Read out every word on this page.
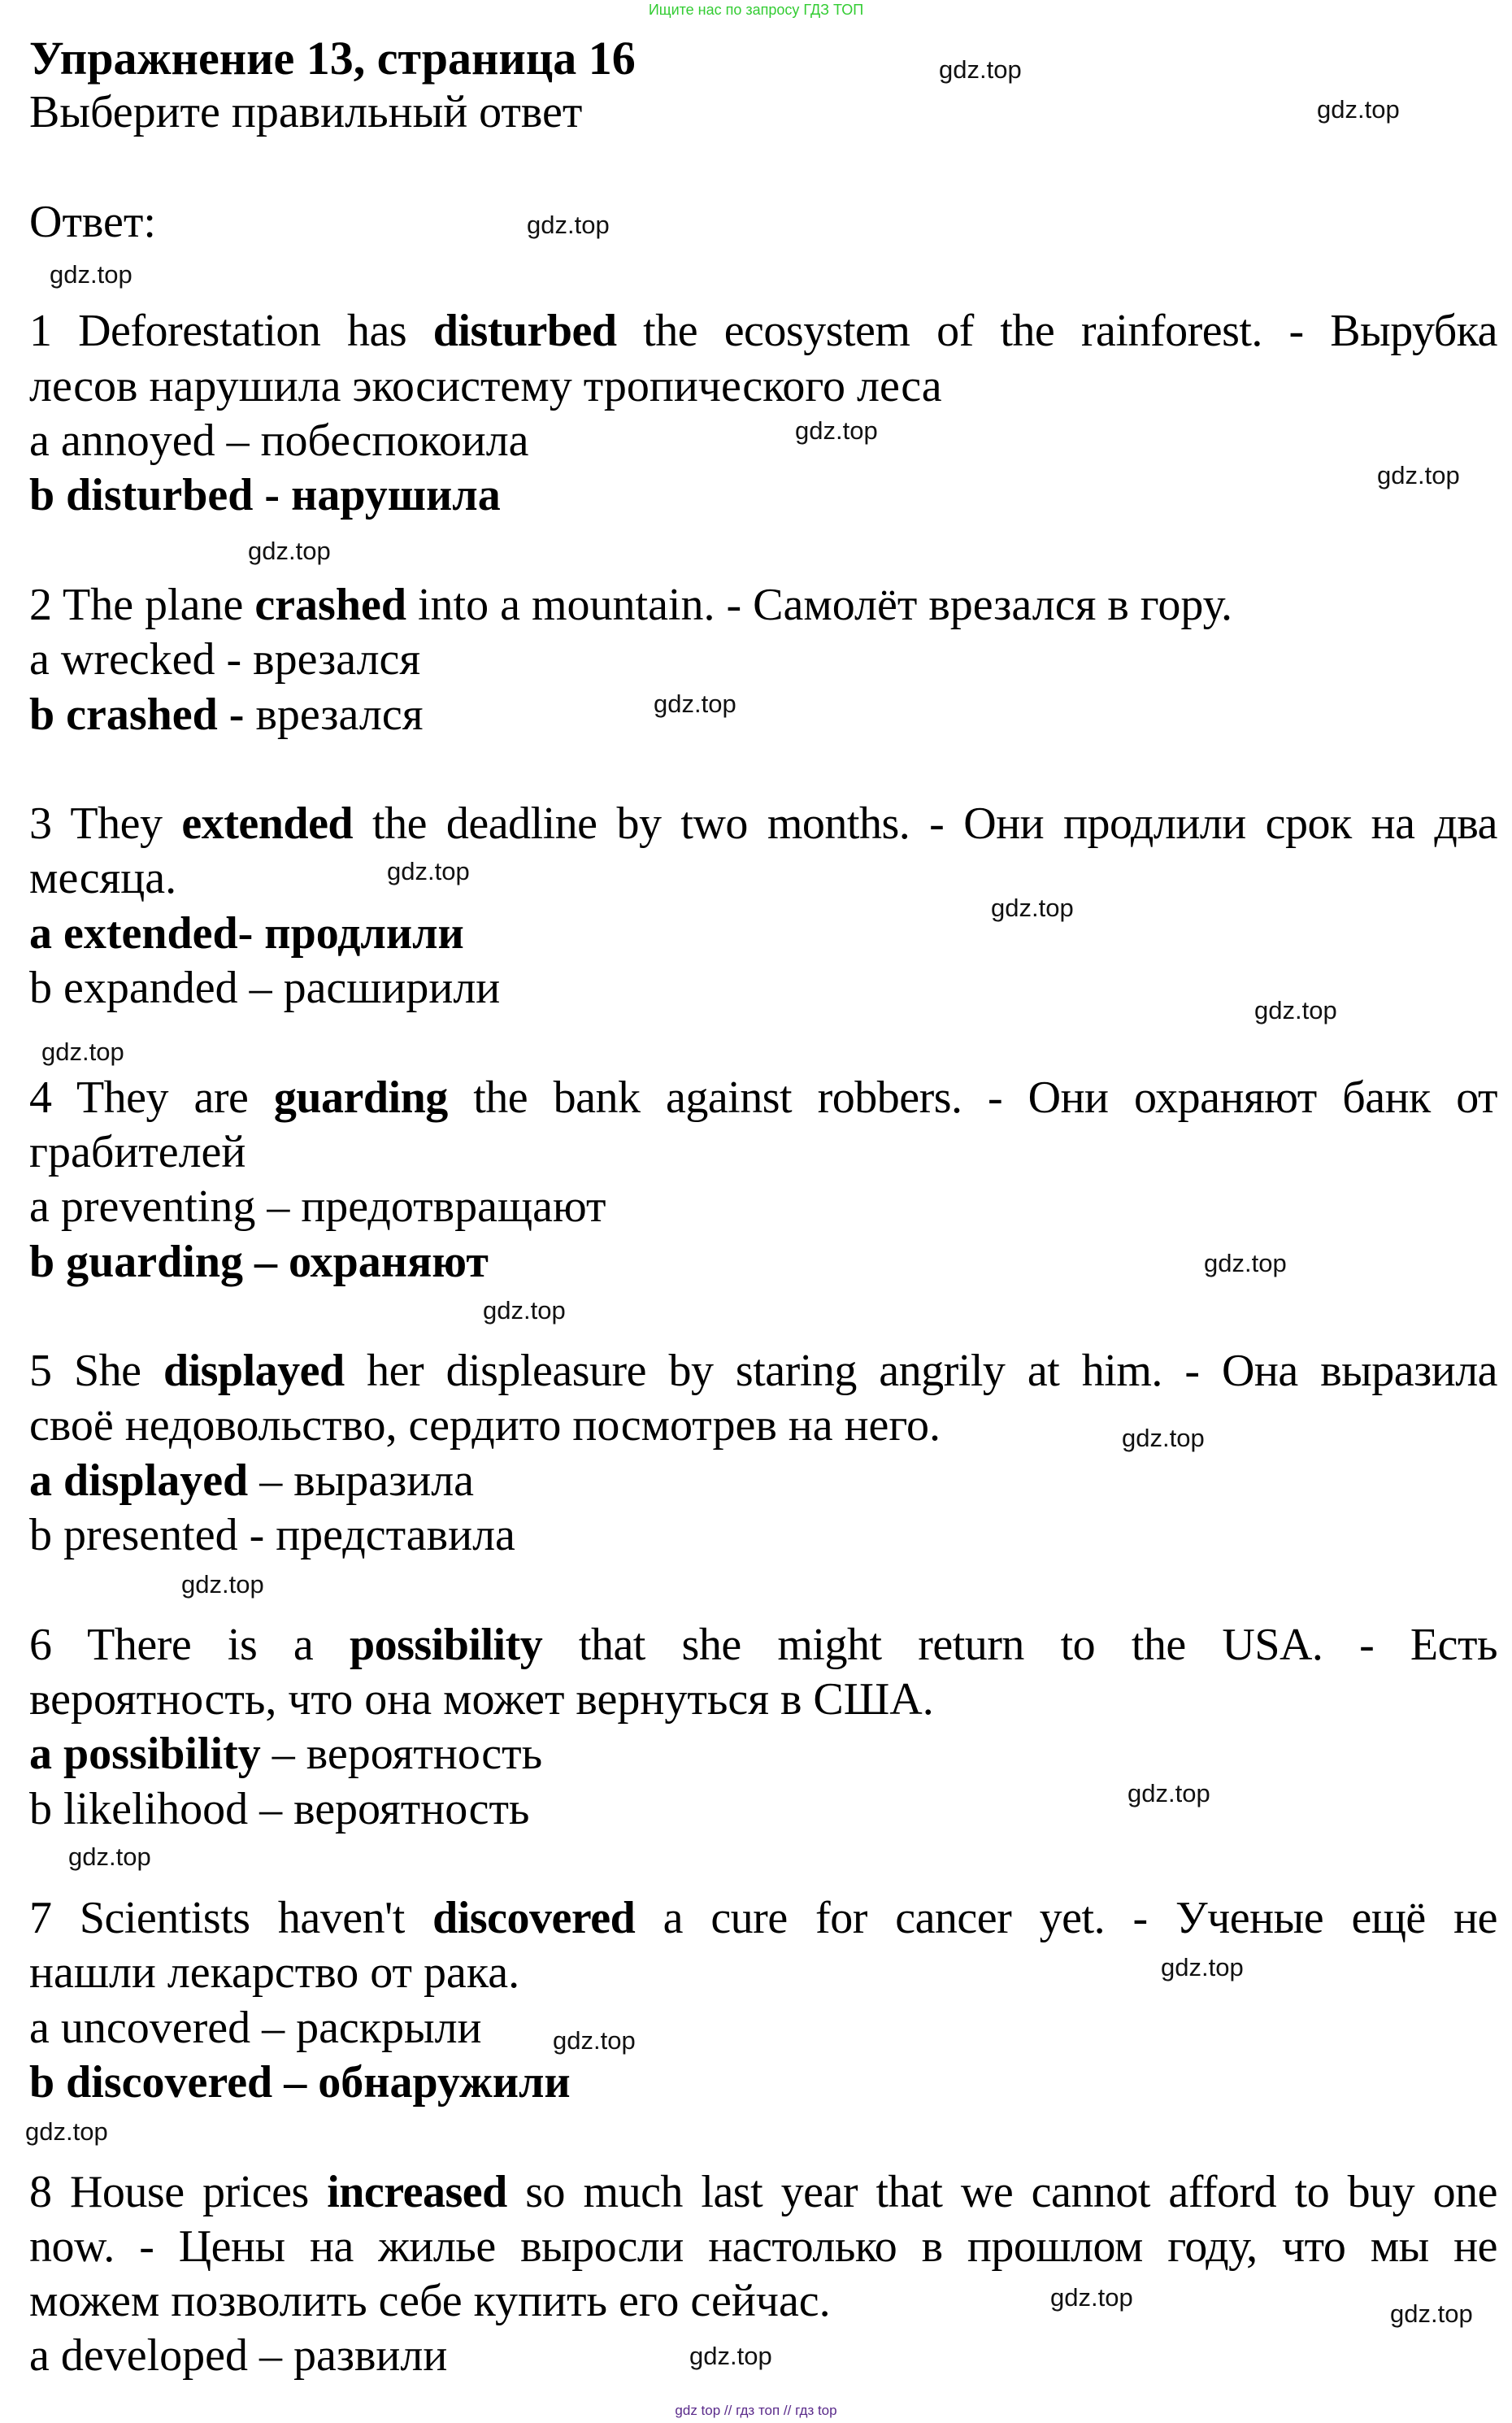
Ищите нас по запросу ГДЗ ТОП
Упражнение 13, страница 16
Выберите правильный ответ
Ответ:
1 Deforestation has disturbed the ecosystem of the rainforest. - Вырубка
лесов нарушила экосистему тропического леса
a annoyed – побеспокоила
b disturbed - нарушила
2 The plane crashed into a mountain. - Самолёт врезался в гору.
a wrecked - врезался
b crashed - врезался
3 They extended the deadline by two months. - Они продлили срок на два
месяца.
a extended- продлили
b expanded – расширили
4 They are guarding the bank against robbers. - Они охраняют банк от
грабителей
a preventing – предотвращают
b guarding – охраняют
5 She displayed her displeasure by staring angrily at him. - Она выразила
своё недовольство, сердито посмотрев на него.
a displayed – выразила
b presented - представила
6 There is a possibility that she might return to the USA. - Есть
вероятность, что она может вернуться в США.
a possibility – вероятность
b likelihood – вероятность
7 Scientists haven't discovered a cure for cancer yet. - Ученые ещё не
нашли лекарство от рака.
a uncovered – раскрыли
b discovered – обнаружили
8 House prices increased so much last year that we cannot afford to buy one
now. - Цены на жилье выросли настолько в прошлом году, что мы не
можем позволить себе купить его сейчас.
a developed – развили
gdz.top
gdz.top
gdz.top
gdz.top
gdz.top
gdz.top
gdz.top
gdz.top
gdz.top
gdz.top
gdz.top
gdz.top
gdz.top
gdz.top
gdz.top
gdz.top
gdz.top
gdz.top
gdz.top
gdz.top
gdz.top
gdz.top
gdz.top
gdz.top
gdz top // гдз топ // гдз top
